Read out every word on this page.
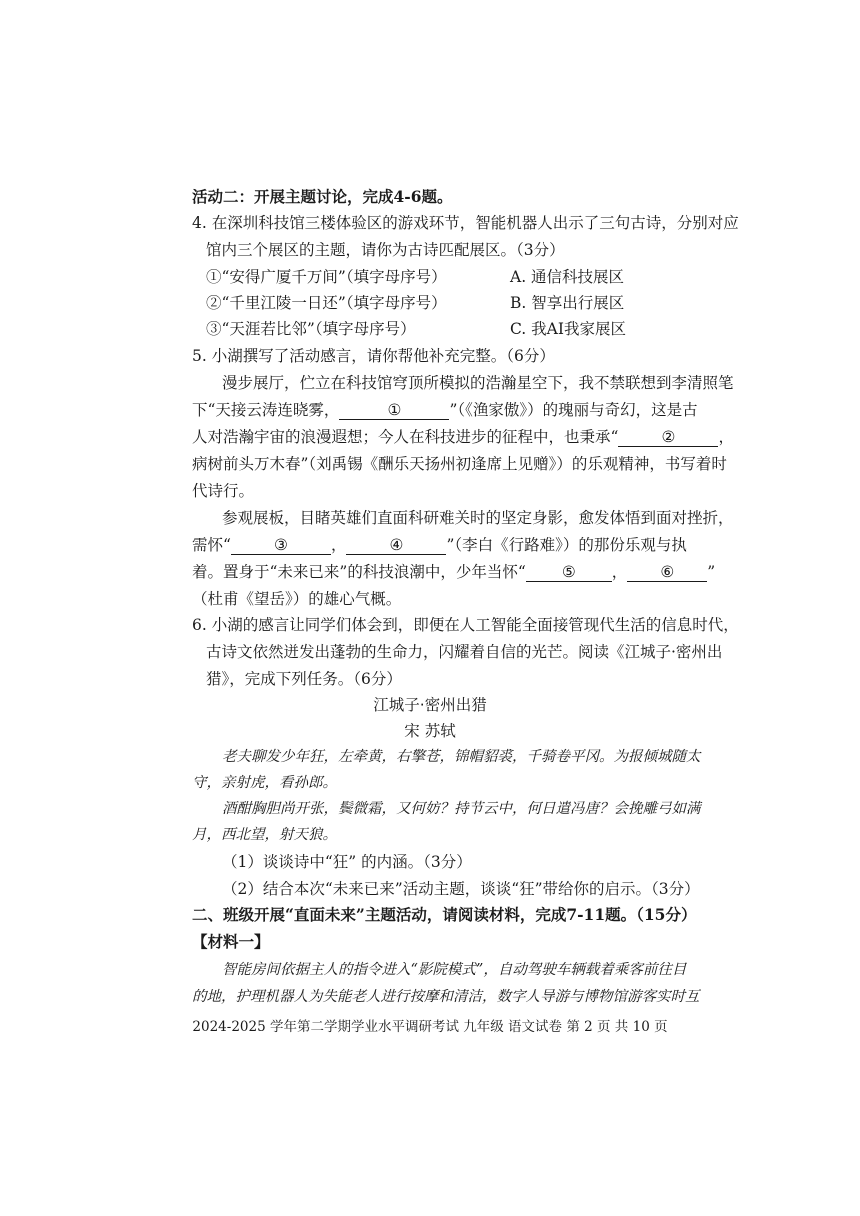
活动二：开展主题讨论，完成4-6题。
4. 在深圳科技馆三楼体验区的游戏环节，智能机器人出示了三句古诗，分别对应
馆内三个展区的主题，请你为古诗匹配展区。（3分）
①“安得广厦千万间”（填字母序号）	A. 通信科技展区
②“千里江陵一日还”（填字母序号）	B. 智享出行展区
③“天涯若比邻”（填字母序号）	C. 我AI我家展区
5. 小湖撰写了活动感言，请你帮他补充完整。（6分）
漫步展厅，伫立在科技馆穹顶所模拟的浩瀚星空下，我不禁联想到李清照笔
下“天接云涛连晓雾，	①	”（《渔家傲》）的瑰丽与奇幻，这是古
人对浩瀚宇宙的浪漫遐想；今人在科技进步的征程中，也秉承“	②	，
病树前头万木春”（刘禹锡《酬乐天扬州初逢席上见赠》）的乐观精神，书写着时
代诗行。
参观展板，目睹英雄们直面科研难关时的坚定身影，愈发体悟到面对挫折，
需怀“	③	，	④	”（李白《行路难》）的那份乐观与执
着。置身于“未来已来”的科技浪潮中，少年当怀“ ⑤ ， ⑥ ”
（杜甫《望岳》）的雄心气概。
6. 小湖的感言让同学们体会到，即便在人工智能全面接管现代生活的信息时代，
古诗文依然迸发出蓬勃的生命力，闪耀着自信的光芒。阅读《江城子·密州出
猎》，完成下列任务。（6分）
江城子·密州出猎
宋 苏轼
老夫聊发少年狂，左牵黄，右擎苍，锦帽貂裘，千骑卷平冈。为报倾城随太
守，亲射虎，看孙郎。
酒酣胸胆尚开张，鬓微霜，又何妨？持节云中，何日遣冯唐？会挽雕弓如满
月，西北望，射天狼。
（1）谈谈诗中“狂” 的内涵。（3分）
（2）结合本次“未来已来”活动主题，谈谈“狂”带给你的启示。（3分）
二、班级开展“直面未来”主题活动，请阅读材料，完成7-11题。（15分）
【材料一】
智能房间依据主人的指令进入“影院模式”，自动驾驶车辆载着乘客前往目
的地，护理机器人为失能老人进行按摩和清洁，数字人导游与博物馆游客实时互
2024-2025 学年第二学期学业水平调研考试 九年级 语文试卷 第 2 页 共 10 页
